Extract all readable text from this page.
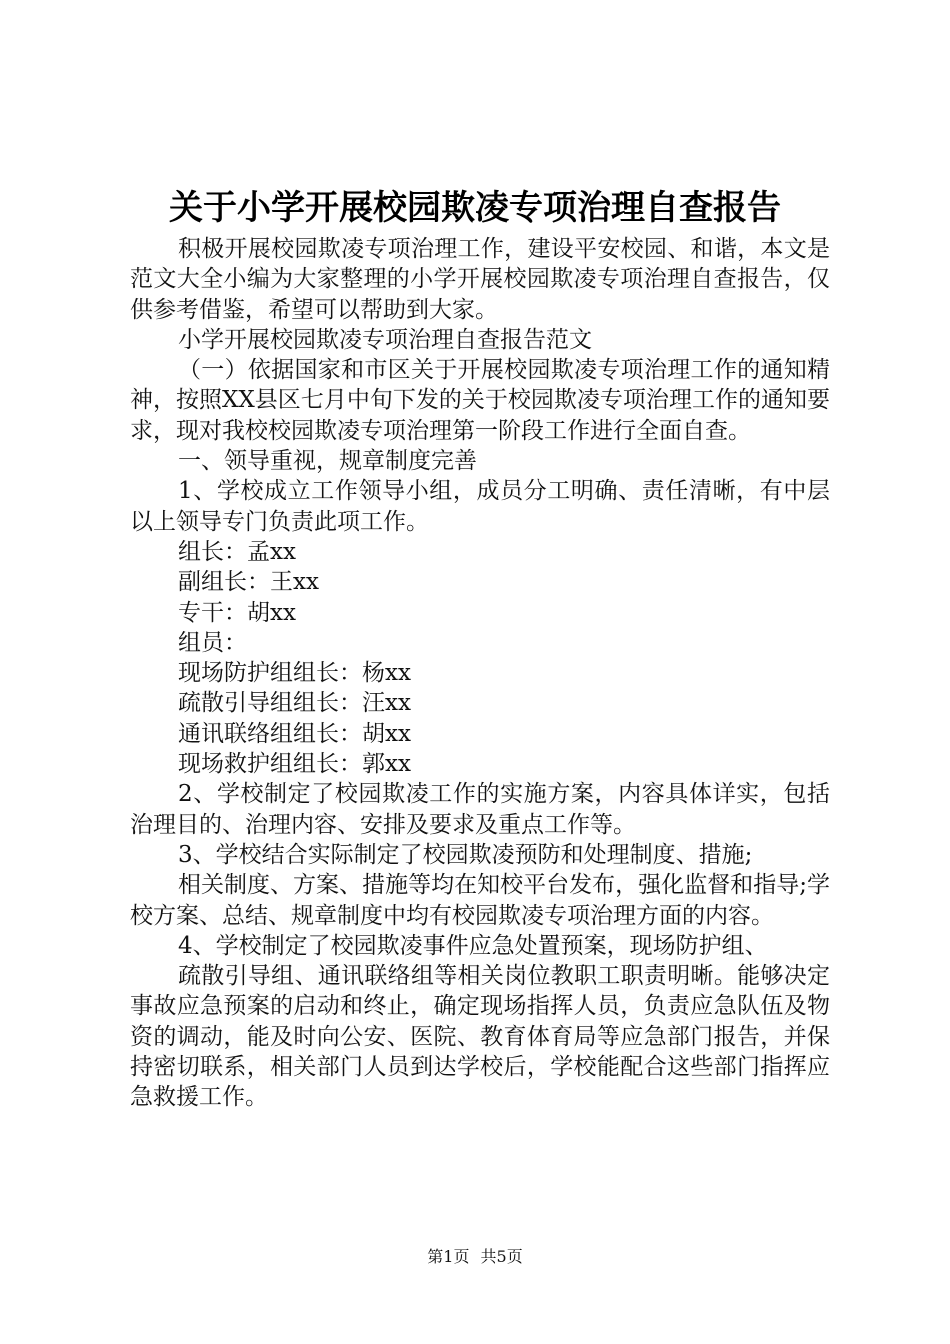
关于小学开展校园欺凌专项治理自查报告

积极开展校园欺凌专项治理工作，建设平安校园、和谐，本文是范文大全小编为大家整理的小学开展校园欺凌专项治理自查报告，仅供参考借鉴，希望可以帮助到大家。

小学开展校园欺凌专项治理自查报告范文

（一）依据国家和市区关于开展校园欺凌专项治理工作的通知精神，按照XX县区七月中旬下发的关于校园欺凌专项治理工作的通知要求，现对我校校园欺凌专项治理第一阶段工作进行全面自查。

一、领导重视，规章制度完善

1、学校成立工作领导小组，成员分工明确、责任清晰，有中层以上领导专门负责此项工作。

组长：孟xx

副组长：王xx

专干：胡xx

组员：

现场防护组组长：杨xx

疏散引导组组长：汪xx

通讯联络组组长：胡xx

现场救护组组长：郭xx

2、学校制定了校园欺凌工作的实施方案，内容具体详实，包括治理目的、治理内容、安排及要求及重点工作等。

3、学校结合实际制定了校园欺凌预防和处理制度、措施;

相关制度、方案、措施等均在知校平台发布，强化监督和指导;学校方案、总结、规章制度中均有校园欺凌专项治理方面的内容。

4、学校制定了校园欺凌事件应急处置预案，现场防护组、

疏散引导组、通讯联络组等相关岗位教职工职责明晰。能够决定事故应急预案的启动和终止，确定现场指挥人员，负责应急队伍及物资的调动，能及时向公安、医院、教育体育局等应急部门报告，并保持密切联系，相关部门人员到达学校后，学校能配合这些部门指挥应急救援工作。

第1页 共5页
